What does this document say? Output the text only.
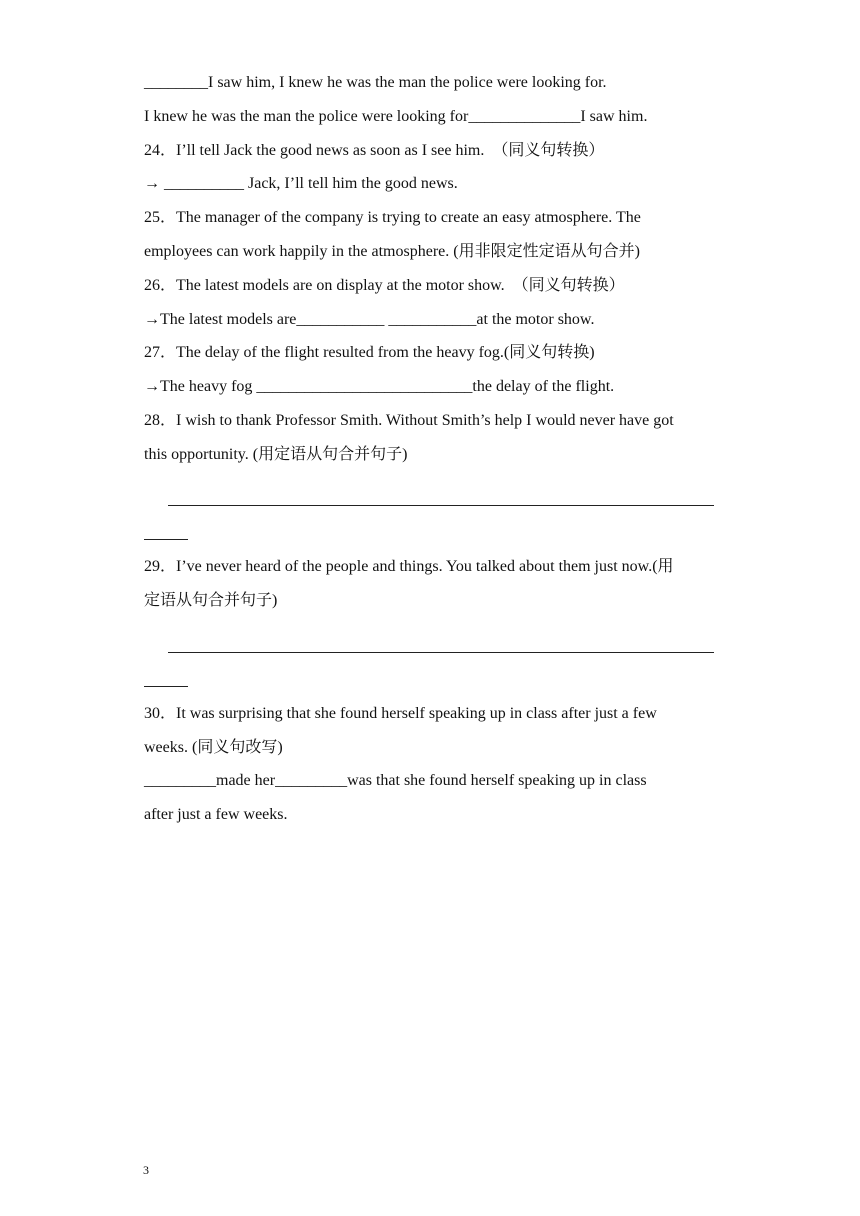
________I saw him, I knew he was the man the police were looking for.
I knew he was the man the police were looking for______________I saw him.
24．I’ll tell Jack the good news as soon as I see him.  （同义句转换）
→ __________ Jack, I’ll tell him the good news.
25．The manager of the company is trying to create an easy atmosphere. The
employees can work happily in the atmosphere. (用非限定性定语从句合并)
26．The latest models are on display at the motor show.  （同义句转换）
→The latest models are___________ ___________at the motor show.
27．The delay of the flight resulted from the heavy fog.(同义句转换)
→The heavy fog ___________________________the delay of the flight.
28．I wish to thank Professor Smith. Without Smith’s help I would never have got
this opportunity. (用定语从句合并句子)
29．I’ve never heard of the people and things. You talked about them just now.(用
定语从句合并句子)
30．It was surprising that she found herself speaking up in class after just a few
weeks. (同义句改写)
_________made her_________was that she found herself speaking up in class
after just a few weeks.
3
